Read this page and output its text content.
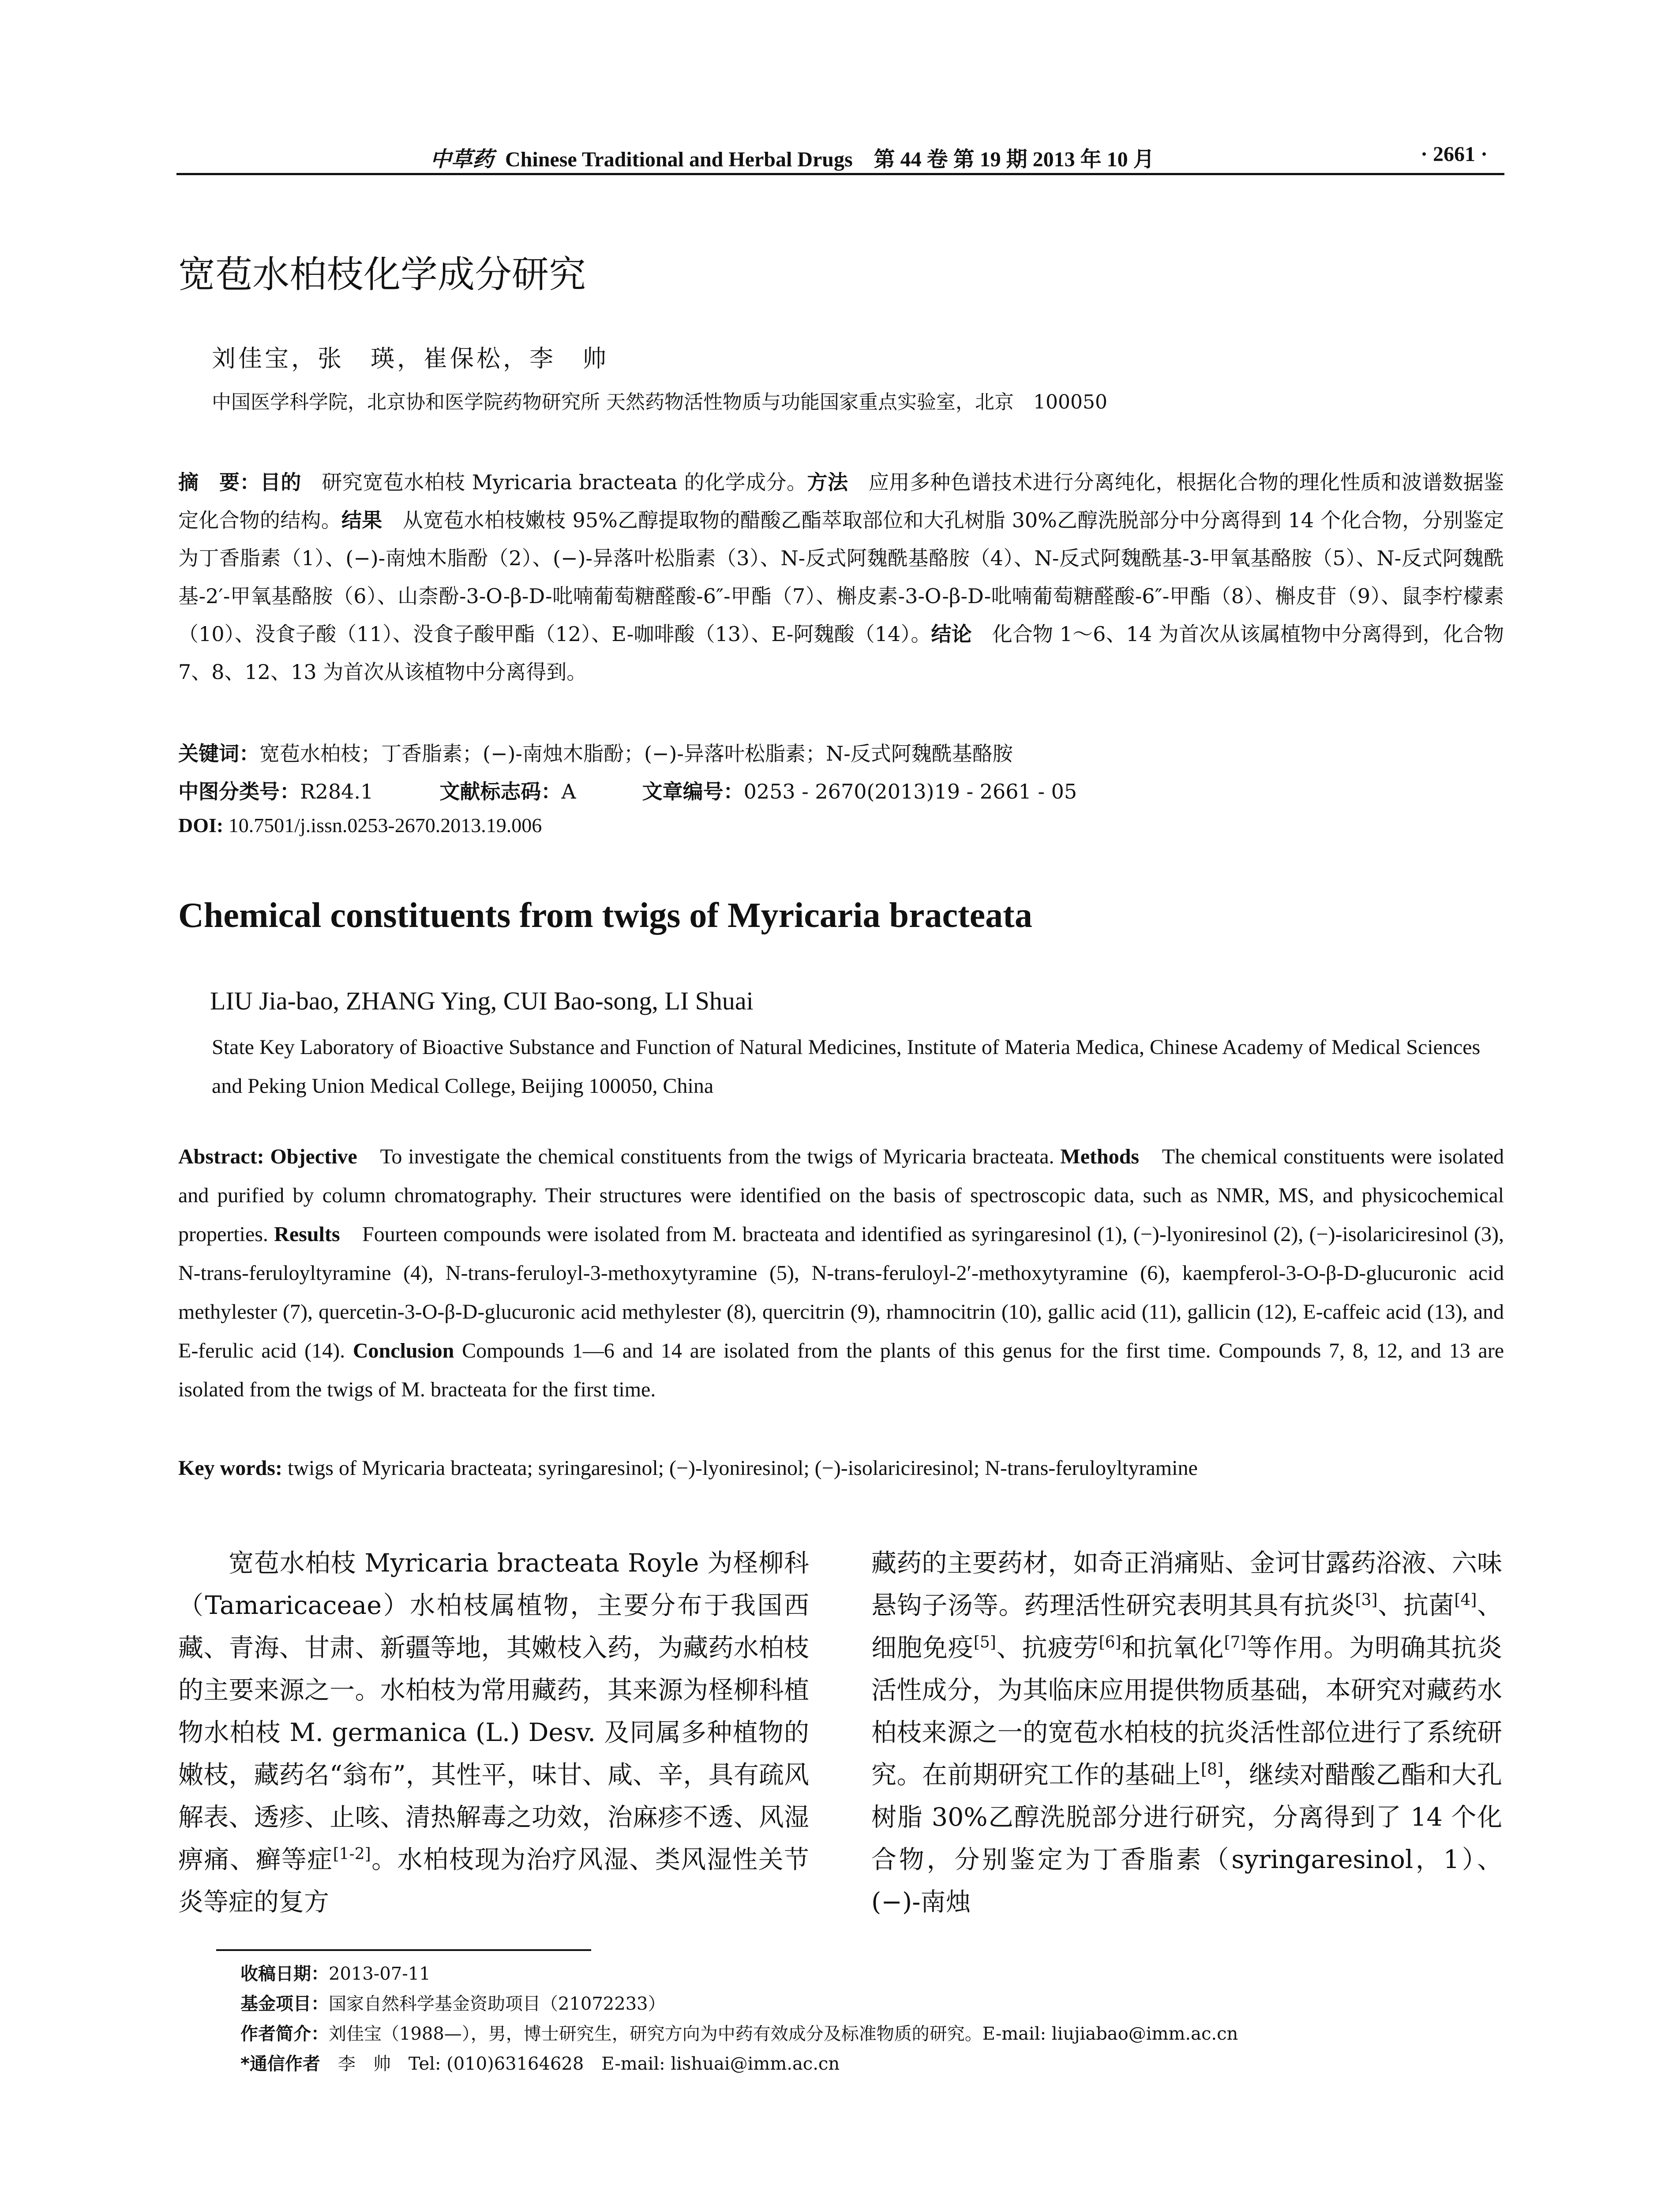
中草药 Chinese Traditional and Herbal Drugs　第 44 卷 第 19 期 2013 年 10 月	· 2661 ·
宽苞水柏枝化学成分研究
刘佳宝，张　瑛，崔保松，李　帅
中国医学科学院，北京协和医学院药物研究所 天然药物活性物质与功能国家重点实验室，北京　100050
摘　要：目的　研究宽苞水柏枝 Myricaria bracteata 的化学成分。方法　应用多种色谱技术进行分离纯化，根据化合物的理化性质和波谱数据鉴定化合物的结构。结果　从宽苞水柏枝嫩枝 95%乙醇提取物的醋酸乙酯萃取部位和大孔树脂 30%乙醇洗脱部分中分离得到 14 个化合物，分别鉴定为丁香脂素（1）、(−)-南烛木脂酚（2）、(−)-异落叶松脂素（3）、N-反式阿魏酰基酪胺（4）、N-反式阿魏酰基-3-甲氧基酪胺（5）、N-反式阿魏酰基-2′-甲氧基酪胺（6）、山柰酚-3-O-β-D-吡喃葡萄糖醛酸-6″-甲酯（7）、槲皮素-3-O-β-D-吡喃葡萄糖醛酸-6″-甲酯（8）、槲皮苷（9）、鼠李柠檬素（10）、没食子酸（11）、没食子酸甲酯（12）、E-咖啡酸（13）、E-阿魏酸（14）。结论　化合物 1～6、14 为首次从该属植物中分离得到，化合物 7、8、12、13 为首次从该植物中分离得到。
关键词：宽苞水柏枝；丁香脂素；(−)-南烛木脂酚；(−)-异落叶松脂素；N-反式阿魏酰基酪胺
中图分类号：R284.1	文献标志码：A	文章编号：0253 - 2670(2013)19 - 2661 - 05
DOI: 10.7501/j.issn.0253-2670.2013.19.006
Chemical constituents from twigs of Myricaria bracteata
LIU Jia-bao, ZHANG Ying, CUI Bao-song, LI Shuai
State Key Laboratory of Bioactive Substance and Function of Natural Medicines, Institute of Materia Medica, Chinese Academy of Medical Sciences and Peking Union Medical College, Beijing 100050, China
Abstract: Objective　To investigate the chemical constituents from the twigs of Myricaria bracteata. Methods　The chemical constituents were isolated and purified by column chromatography. Their structures were identified on the basis of spectroscopic data, such as NMR, MS, and physicochemical properties. Results　Fourteen compounds were isolated from M. bracteata and identified as syringaresinol (1), (−)-lyoniresinol (2), (−)-isolariciresinol (3), N-trans-feruloyltyramine (4), N-trans-feruloyl-3-methoxytyramine (5), N-trans-feruloyl-2′-methoxytyramine (6), kaempferol-3-O-β-D-glucuronic acid methylester (7), quercetin-3-O-β-D-glucuronic acid methylester (8), quercitrin (9), rhamnocitrin (10), gallic acid (11), gallicin (12), E-caffeic acid (13), and E-ferulic acid (14). Conclusion Compounds 1—6 and 14 are isolated from the plants of this genus for the first time. Compounds 7, 8, 12, and 13 are isolated from the twigs of M. bracteata for the first time.
Key words: twigs of Myricaria bracteata; syringaresinol; (−)-lyoniresinol; (−)-isolariciresinol; N-trans-feruloyltyramine
宽苞水柏枝 Myricaria bracteata Royle 为柽柳科（Tamaricaceae）水柏枝属植物，主要分布于我国西藏、青海、甘肃、新疆等地，其嫩枝入药，为藏药水柏枝的主要来源之一。水柏枝为常用藏药，其来源为柽柳科植物水柏枝 M. germanica (L.) Desv. 及同属多种植物的嫩枝，藏药名“翁布”，其性平，味甘、咸、辛，具有疏风解表、透疹、止咳、清热解毒之功效，治麻疹不透、风湿痹痛、癣等症[1-2]。水柏枝现为治疗风湿、类风湿性关节炎等症的复方
藏药的主要药材，如奇正消痛贴、金诃甘露药浴液、六味悬钩子汤等。药理活性研究表明其具有抗炎[3]、抗菌[4]、细胞免疫[5]、抗疲劳[6]和抗氧化[7]等作用。为明确其抗炎活性成分，为其临床应用提供物质基础，本研究对藏药水柏枝来源之一的宽苞水柏枝的抗炎活性部位进行了系统研究。在前期研究工作的基础上[8]，继续对醋酸乙酯和大孔树脂 30%乙醇洗脱部分进行研究，分离得到了 14 个化合物，分别鉴定为丁香脂素（syringaresinol，1）、(−)-南烛
收稿日期：2013-07-11
基金项目：国家自然科学基金资助项目（21072233）
作者简介：刘佳宝（1988—），男，博士研究生，研究方向为中药有效成分及标准物质的研究。E-mail: liujiabao@imm.ac.cn
*通信作者　李　帅　Tel: (010)63164628　E-mail: lishuai@imm.ac.cn
